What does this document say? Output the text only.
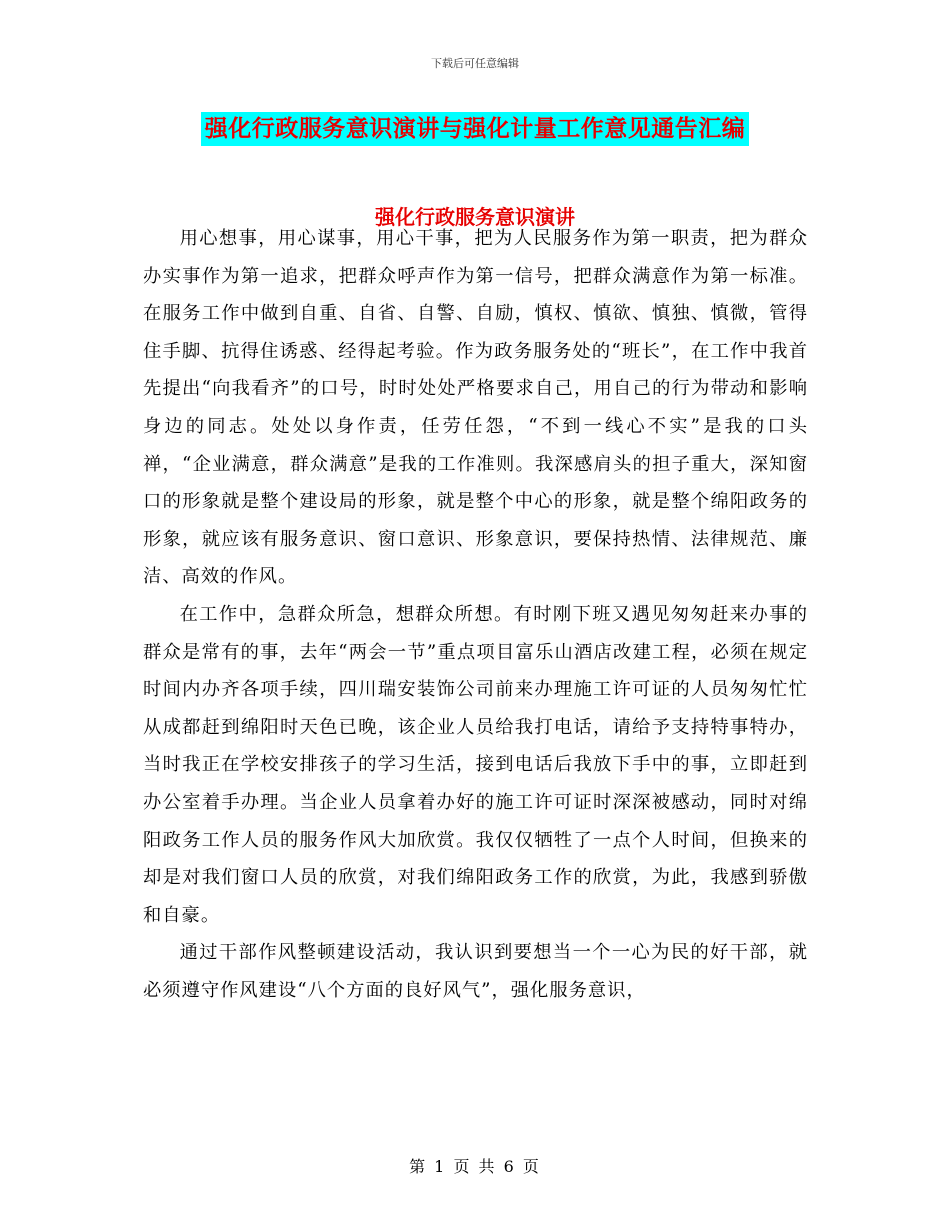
下载后可任意编辑
强化行政服务意识演讲与强化计量工作意见通告汇编
强化行政服务意识演讲

用心想事，用心谋事，用心干事，把为人民服务作为第一职责，把为群众办实事作为第一追求，把群众呼声作为第一信号，把群众满意作为第一标准。在服务工作中做到自重、自省、自警、自励，慎权、慎欲、慎独、慎微，管得住手脚、抗得住诱惑、经得起考验。作为政务服务处的“班长”，在工作中我首先提出“向我看齐”的口号，时时处处严格要求自己，用自己的行为带动和影响身边的同志。处处以身作责，任劳任怨，“不到一线心不实”是我的口头禅，“企业满意，群众满意”是我的工作准则。我深感肩头的担子重大，深知窗口的形象就是整个建设局的形象，就是整个中心的形象，就是整个绵阳政务的形象，就应该有服务意识、窗口意识、形象意识，要保持热情、法律规范、廉洁、高效的作风。

在工作中，急群众所急，想群众所想。有时刚下班又遇见匆匆赶来办事的群众是常有的事，去年“两会一节”重点项目富乐山酒店改建工程，必须在规定时间内办齐各项手续，四川瑞安装饰公司前来办理施工许可证的人员匆匆忙忙从成都赶到绵阳时天色已晚，该企业人员给我打电话，请给予支持特事特办，当时我正在学校安排孩子的学习生活，接到电话后我放下手中的事，立即赶到办公室着手办理。当企业人员拿着办好的施工许可证时深深被感动，同时对绵阳政务工作人员的服务作风大加欣赏。我仅仅牺牲了一点个人时间，但换来的却是对我们窗口人员的欣赏，对我们绵阳政务工作的欣赏，为此，我感到骄傲和自豪。

通过干部作风整顿建设活动，我认识到要想当一个一心为民的好干部，就必须遵守作风建设“八个方面的良好风气”，强化服务意识，

第 1 页 共 6 页
